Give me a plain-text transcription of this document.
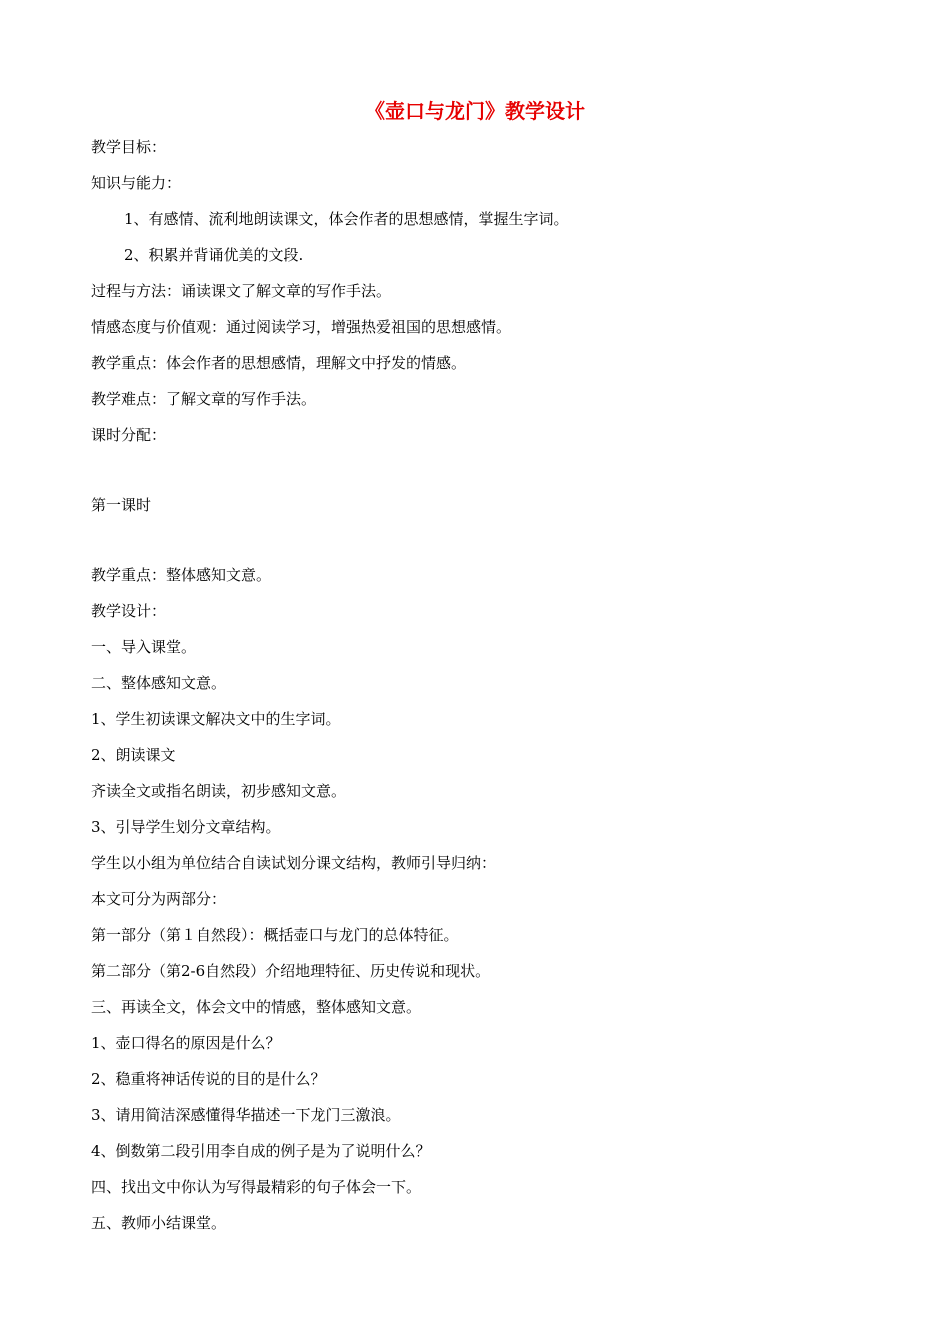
《壶口与龙门》教学设计
教学目标：
知识与能力：
1、有感情、流利地朗读课文，体会作者的思想感情，掌握生字词。
2、积累并背诵优美的文段.
过程与方法：诵读课文了解文章的写作手法。
情感态度与价值观：通过阅读学习，增强热爱祖国的思想感情。
教学重点：体会作者的思想感情，理解文中抒发的情感。
教学难点：了解文章的写作手法。
课时分配：
第一课时
教学重点：整体感知文意。
教学设计：
一、导入课堂。
二、整体感知文意。
1、学生初读课文解决文中的生字词。
2、朗读课文
齐读全文或指名朗读，初步感知文意。
3、引导学生划分文章结构。
学生以小组为单位结合自读试划分课文结构，教师引导归纳：
本文可分为两部分：
第一部分（第１自然段）：概括壶口与龙门的总体特征。
第二部分（第2-6自然段）介绍地理特征、历史传说和现状。
三、再读全文，体会文中的情感，整体感知文意。
1、壶口得名的原因是什么？
2、稳重将神话传说的目的是什么？
3、请用简洁深感懂得华描述一下龙门三激浪。
4、倒数第二段引用李自成的例子是为了说明什么？
四、找出文中你认为写得最精彩的句子体会一下。
五、教师小结课堂。
